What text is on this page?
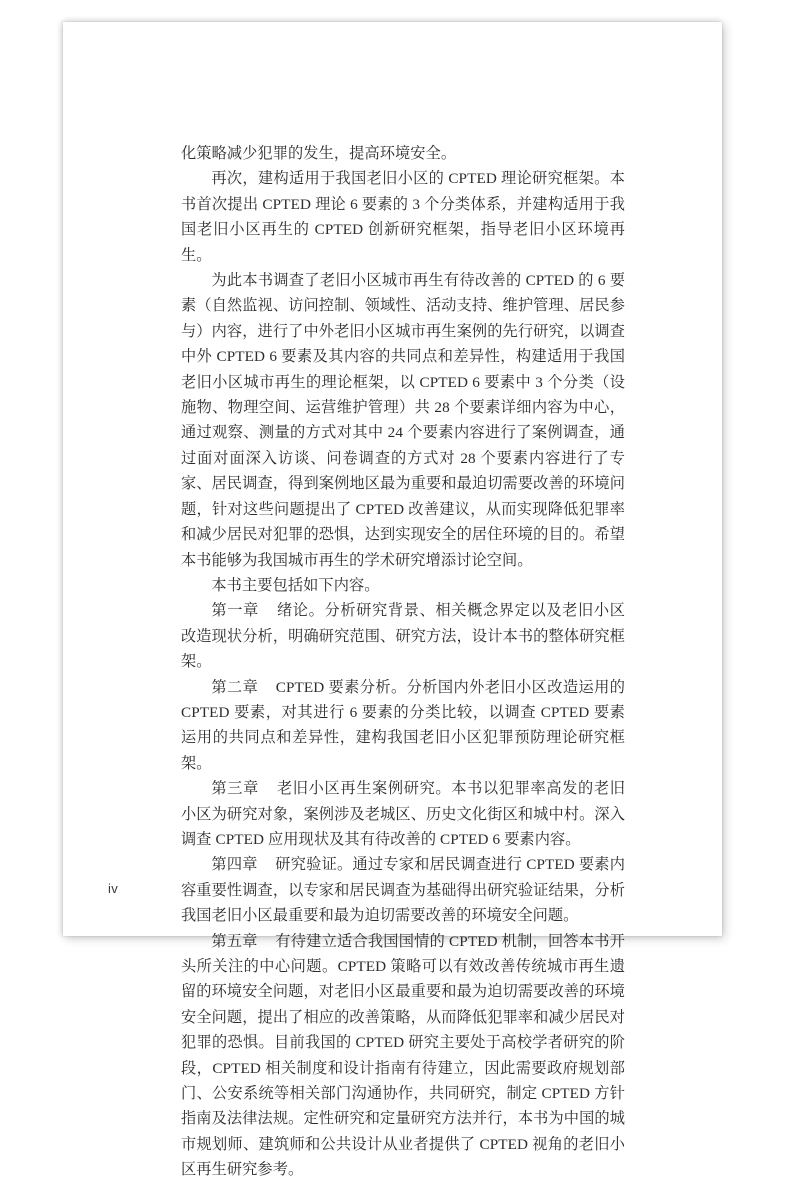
化策略减少犯罪的发生，提高环境安全。

再次，建构适用于我国老旧小区的 CPTED 理论研究框架。本书首次提出 CPTED 理论 6 要素的 3 个分类体系，并建构适用于我国老旧小区再生的 CPTED 创新研究框架，指导老旧小区环境再生。

为此本书调查了老旧小区城市再生有待改善的 CPTED 的 6 要素（自然监视、访问控制、领域性、活动支持、维护管理、居民参与）内容，进行了中外老旧小区城市再生案例的先行研究，以调查中外 CPTED 6 要素及其内容的共同点和差异性，构建适用于我国老旧小区城市再生的理论框架，以 CPTED 6 要素中 3 个分类（设施物、物理空间、运营维护管理）共 28 个要素详细内容为中心，通过观察、测量的方式对其中 24 个要素内容进行了案例调查，通过面对面深入访谈、问卷调查的方式对 28 个要素内容进行了专家、居民调查，得到案例地区最为重要和最迫切需要改善的环境问题，针对这些问题提出了 CPTED 改善建议，从而实现降低犯罪率和减少居民对犯罪的恐惧，达到实现安全的居住环境的目的。希望本书能够为我国城市再生的学术研究增添讨论空间。

本书主要包括如下内容。

第一章 绪论。分析研究背景、相关概念界定以及老旧小区改造现状分析，明确研究范围、研究方法，设计本书的整体研究框架。

第二章 CPTED 要素分析。分析国内外老旧小区改造运用的 CPTED 要素，对其进行 6 要素的分类比较，以调查 CPTED 要素运用的共同点和差异性，建构我国老旧小区犯罪预防理论研究框架。

第三章 老旧小区再生案例研究。本书以犯罪率高发的老旧小区为研究对象，案例涉及老城区、历史文化街区和城中村。深入调查 CPTED 应用现状及其有待改善的 CPTED 6 要素内容。

第四章 研究验证。通过专家和居民调查进行 CPTED 要素内容重要性调查，以专家和居民调查为基础得出研究验证结果，分析我国老旧小区最重要和最为迫切需要改善的环境安全问题。

第五章 有待建立适合我国国情的 CPTED 机制，回答本书开头所关注的中心问题。CPTED 策略可以有效改善传统城市再生遗留的环境安全问题，对老旧小区最重要和最为迫切需要改善的环境安全问题，提出了相应的改善策略，从而降低犯罪率和减少居民对犯罪的恐惧。目前我国的 CPTED 研究主要处于高校学者研究的阶段，CPTED 相关制度和设计指南有待建立，因此需要政府规划部门、公安系统等相关部门沟通协作，共同研究，制定 CPTED 方针指南及法律法规。定性研究和定量研究方法并行，本书为中国的城市规划师、建筑师和公共设计从业者提供了 CPTED 视角的老旧小区再生研究参考。

iv
